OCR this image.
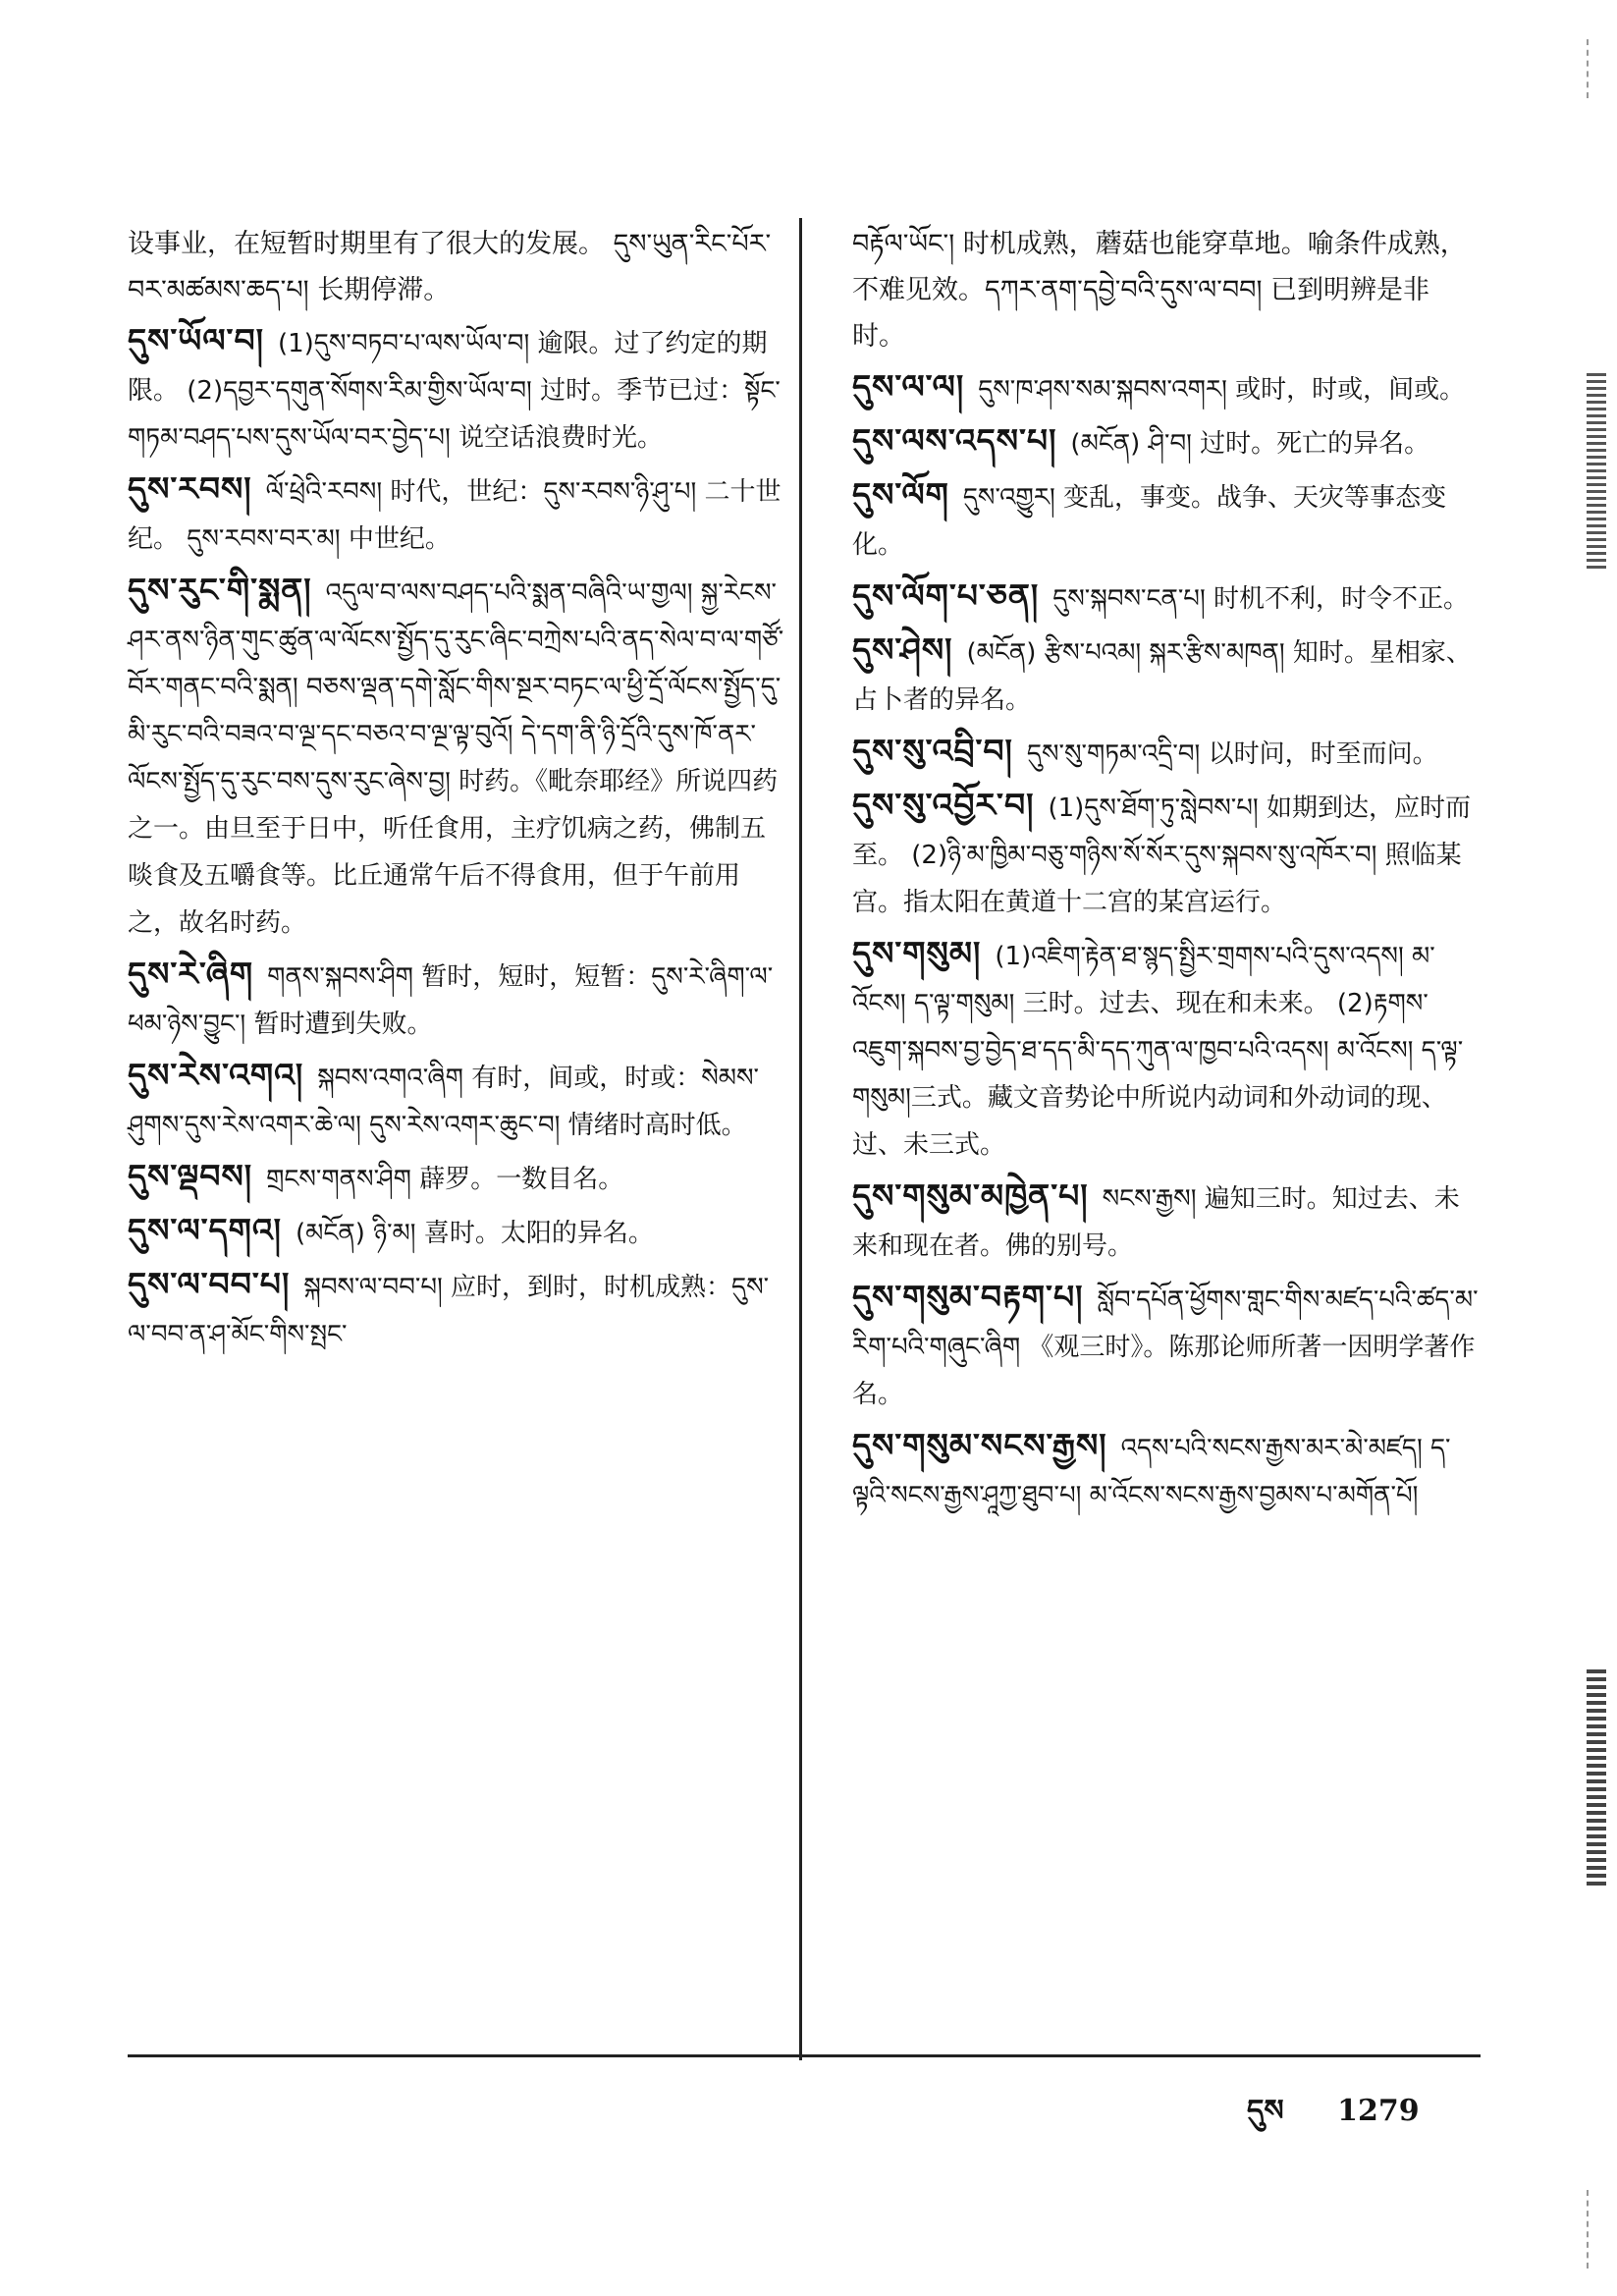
设事业，在短暂时期里有了很大的发展。 དུས་ཡུན་རིང་པོར་བར་མཚམས་ཆད་པ། 长期停滞。
དུས་ཡོལ་བ། (1)དུས་བཏབ་པ་ལས་ཡོལ་བ། 逾限。过了约定的期限。 (2)དབྱར་དགུན་སོགས་རིམ་གྱིས་ཡོལ་བ། 过时。季节已过：སྟོང་གཏམ་བཤད་པས་དུས་ཡོལ་བར་བྱེད་པ། 说空话浪费时光。
དུས་རབས། ལོ་ཕྲེའི་རབས། 时代，世纪：དུས་རབས་ཉི་ཤུ་པ། 二十世纪。 དུས་རབས་བར་མ། 中世纪。
དུས་རུང་གི་སྨན། འདུལ་བ་ལས་བཤད་པའི་སྨན་བཞིའི་ཡ་གྱལ། སྐྱ་རེངས་ཤར་ནས་ཉིན་གུང་ཚུན་ལ་ལོངས་སྤྱོད་དུ་རུང་ཞིང་བཀྲེས་པའི་ནད་སེལ་བ་ལ་གཙོ་བོར་གནང་བའི་སྨན། བཅས་ལྡན་དགེ་སློང་གིས་སྔར་བཏང་ལ་ཕྱི་དྲོ་ལོངས་སྤྱོད་དུ་མི་རུང་བའི་བཟའ་བ་ལྔ་དང་བཅའ་བ་ལྔ་ལྟ་བུའོ། དེ་དག་ནི་ཉི་དྲོའི་དུས་ཁོ་ནར་ལོངས་སྤྱོད་དུ་རུང་བས་དུས་རུང་ཞེས་བྱ། 时药。《毗奈耶经》所说四药之一。由旦至于日中，听任食用，主疗饥病之药，佛制五啖食及五嚼食等。比丘通常午后不得食用，但于午前用之，故名时药。
དུས་རེ་ཞིག གནས་སྐབས་ཤིག 暂时，短时，短暂：དུས་རེ་ཞིག་ལ་ཕམ་ཉེས་བྱུང་། 暂时遭到失败。
དུས་རེས་འགའ། སྐབས་འགའ་ཞིག 有时，间或，时或：སེམས་ཤུགས་དུས་རེས་འགར་ཆེ་ལ། དུས་རེས་འགར་ཆུང་བ། 情绪时高时低。
དུས་ལྡབས། གྲངས་གནས་ཤིག 薜罗。一数目名。
དུས་ལ་དགའ། (མངོན) ཉི་མ། 喜时。太阳的异名。
དུས་ལ་བབ་པ། སྐབས་ལ་བབ་པ། 应时，到时，时机成熟：དུས་ལ་བབ་ན་ཤ་མོང་གིས་སྤང་
བརྟོལ་ཡོང་། 时机成熟，蘑菇也能穿草地。喻条件成熟，不难见效。དཀར་ནག་དབྱེ་བའི་དུས་ལ་བབ། 已到明辨是非时。
དུས་ལ་ལ། དུས་ཁ་ཤས་སམ་སྐབས་འགར། 或时，时或，间或。
དུས་ལས་འདས་པ། (མངོན) ཤི་བ། 过时。死亡的异名。
དུས་ལོག དུས་འགྱུར། 变乱，事变。战争、天灾等事态变化。
དུས་ལོག་པ་ཅན། དུས་སྐབས་ངན་པ། 时机不利，时令不正。
དུས་ཤེས། (མངོན) རྩིས་པའམ། སྐར་རྩིས་མཁན། 知时。星相家、占卜者的异名。
དུས་སུ་འབྲི་བ། དུས་སུ་གཏམ་འདྲི་བ། 以时问，时至而问。
དུས་སུ་འབྱོར་བ། (1)དུས་ཐོག་ཏུ་སླེབས་པ། 如期到达，应时而至。 (2)ཉི་མ་ཁྱིམ་བཅུ་གཉིས་སོ་སོར་དུས་སྐབས་སུ་འཁོར་བ། 照临某宫。指太阳在黄道十二宫的某宫运行。
དུས་གསུམ། (1)འཇིག་རྟེན་ཐ་སྙད་སྤྱིར་གྲགས་པའི་དུས་འདས། མ་འོངས། ད་ལྟ་གསུམ། 三时。过去、现在和未来。 (2)རྟགས་འཇུག་སྐབས་བྱ་བྱེད་ཐ་དད་མི་དད་ཀུན་ལ་ཁྱབ་པའི་འདས། མ་འོངས། ད་ལྟ་གསུམ།三式。藏文音势论中所说内动词和外动词的现、过、未三式。
དུས་གསུམ་མཁྱེན་པ། སངས་རྒྱས། 遍知三时。知过去、未来和现在者。佛的别号。
དུས་གསུམ་བརྟག་པ། སློབ་དཔོན་ཕྱོགས་གླང་གིས་མཛད་པའི་ཚད་མ་རིག་པའི་གཞུང་ཞིག 《观三时》。陈那论师所著一因明学著作名。
དུས་གསུམ་སངས་རྒྱས། འདས་པའི་སངས་རྒྱས་མར་མེ་མཛད། ད་ལྟའི་སངས་རྒྱས་ཤཱཀྱ་ཐུབ་པ། མ་འོངས་སངས་རྒྱས་བྱམས་པ་མགོན་པོ།
དུས 1279
